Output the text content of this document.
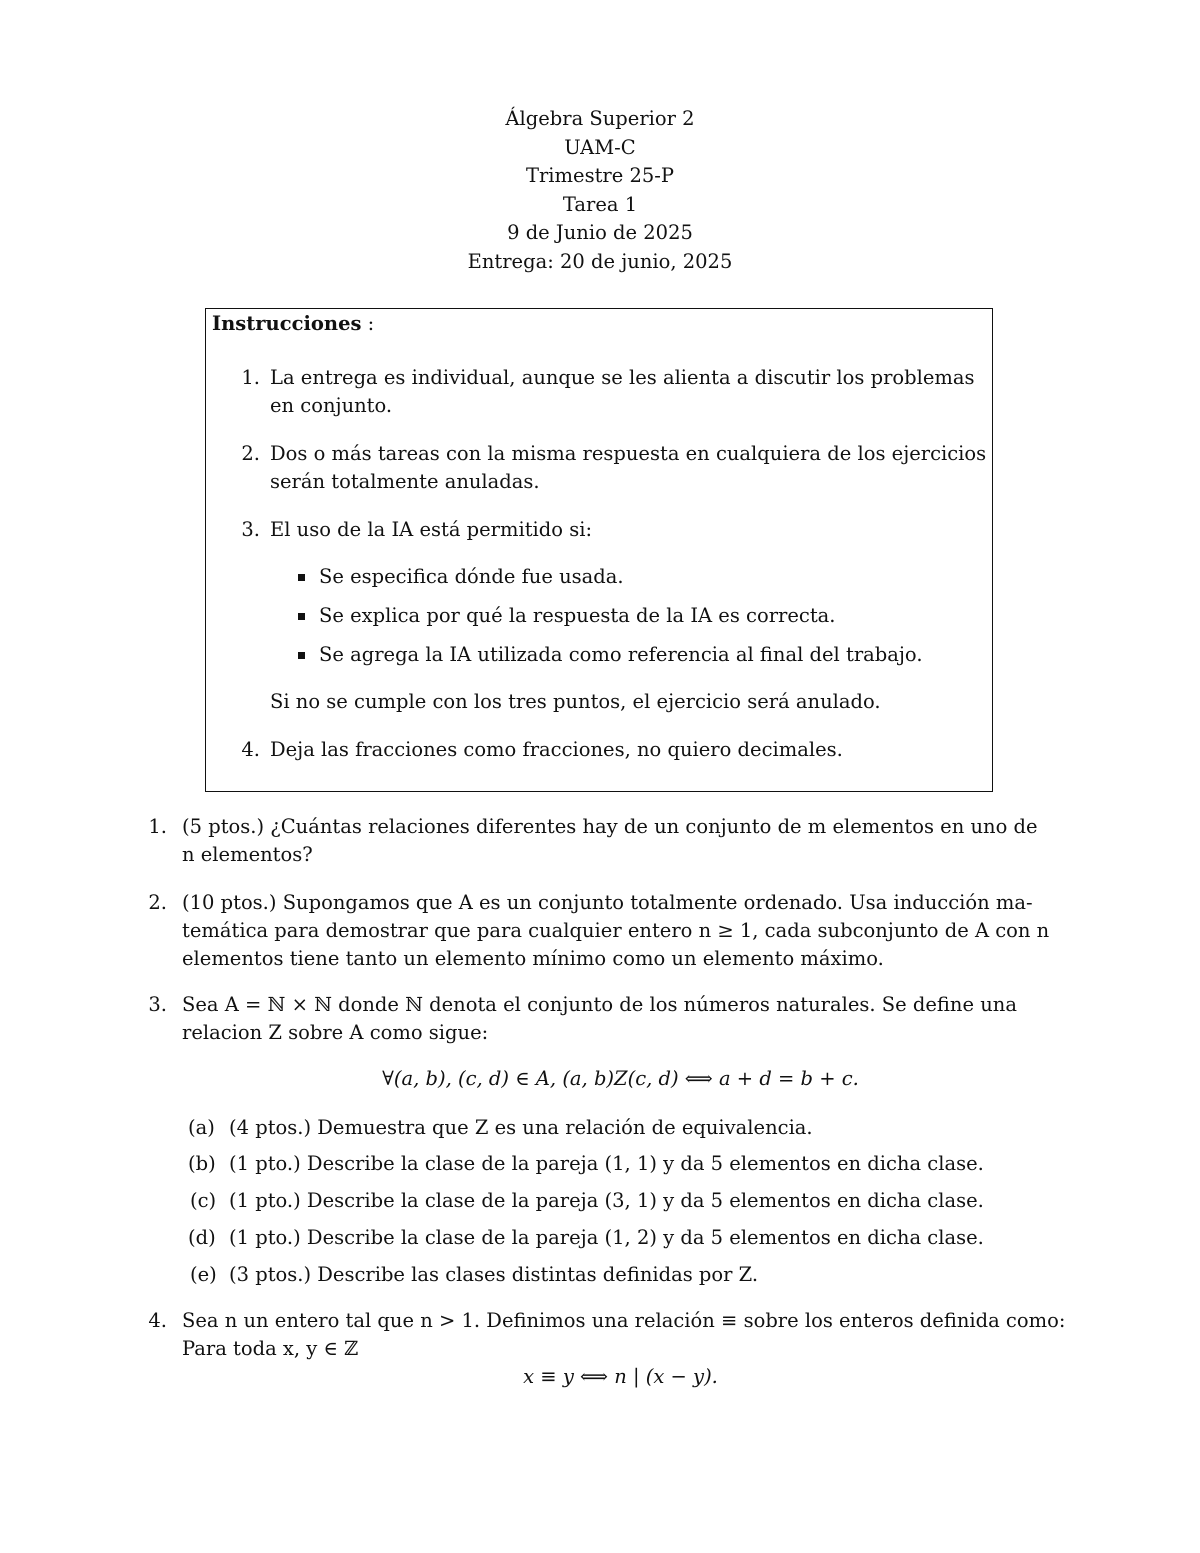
Álgebra Superior 2
UAM-C
Trimestre 25-P
Tarea 1
9 de Junio de 2025
Entrega: 20 de junio, 2025
Instrucciones :
1. La entrega es individual, aunque se les alienta a discutir los problemas
en conjunto.
2. Dos o más tareas con la misma respuesta en cualquiera de los ejercicios
serán totalmente anuladas.
3. El uso de la IA está permitido si:
Se especifica dónde fue usada.
Se explica por qué la respuesta de la IA es correcta.
Se agrega la IA utilizada como referencia al final del trabajo.
Si no se cumple con los tres puntos, el ejercicio será anulado.
4. Deja las fracciones como fracciones, no quiero decimales.
1. (5 ptos.) ¿Cuántas relaciones diferentes hay de un conjunto de m elementos en uno de
n elementos?
2. (10 ptos.) Supongamos que A es un conjunto totalmente ordenado. Usa inducción ma-
temática para demostrar que para cualquier entero n ≥ 1, cada subconjunto de A con n
elementos tiene tanto un elemento mínimo como un elemento máximo.
3. Sea A = ℕ × ℕ donde ℕ denota el conjunto de los números naturales. Se define una
relacion Z sobre A como sigue:
∀(a, b), (c, d) ∈ A, (a, b)Z(c, d) ⟺ a + d = b + c.
(a) (4 ptos.) Demuestra que Z es una relación de equivalencia.
(b) (1 pto.) Describe la clase de la pareja (1, 1) y da 5 elementos en dicha clase.
(c) (1 pto.) Describe la clase de la pareja (3, 1) y da 5 elementos en dicha clase.
(d) (1 pto.) Describe la clase de la pareja (1, 2) y da 5 elementos en dicha clase.
(e) (3 ptos.) Describe las clases distintas definidas por Z.
4. Sea n un entero tal que n > 1. Definimos una relación ≡ sobre los enteros definida como:
Para toda x, y ∈ ℤ
x ≡ y ⟺ n | (x − y).
